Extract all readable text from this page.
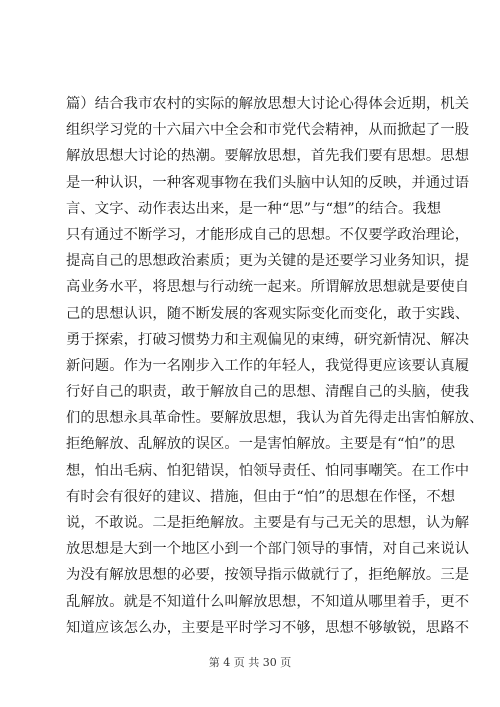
篇）结合我市农村的实际的解放思想大讨论心得体会近期，机关
组织学习党的十六届六中全会和市党代会精神，从而掀起了一股
解放思想大讨论的热潮。要解放思想，首先我们要有思想。思想
是一种认识，一种客观事物在我们头脑中认知的反映，并通过语
言、文字、动作表达出来，是一种“思”与“想”的结合。我想
只有通过不断学习，才能形成自己的思想。不仅要学政治理论，
提高自己的思想政治素质；更为关键的是还要学习业务知识，提
高业务水平，将思想与行动统一起来。所谓解放思想就是要使自
己的思想认识，随不断发展的客观实际变化而变化，敢于实践、
勇于探索，打破习惯势力和主观偏见的束缚，研究新情况、解决
新问题。作为一名刚步入工作的年轻人，我觉得更应该要认真履
行好自己的职责，敢于解放自己的思想、清醒自己的头脑，使我
们的思想永具革命性。要解放思想，我认为首先得走出害怕解放、
拒绝解放、乱解放的误区。一是害怕解放。主要是有“怕”的思
想，怕出毛病、怕犯错误，怕领导责任、怕同事嘲笑。在工作中
有时会有很好的建议、措施，但由于“怕”的思想在作怪，不想
说，不敢说。二是拒绝解放。主要是有与己无关的思想，认为解
放思想是大到一个地区小到一个部门领导的事情，对自己来说认
为没有解放思想的必要，按领导指示做就行了，拒绝解放。三是
乱解放。就是不知道什么叫解放思想，不知道从哪里着手，更不
知道应该怎么办，主要是平时学习不够，思想不够敏锐，思路不
第 4 页 共 30 页
